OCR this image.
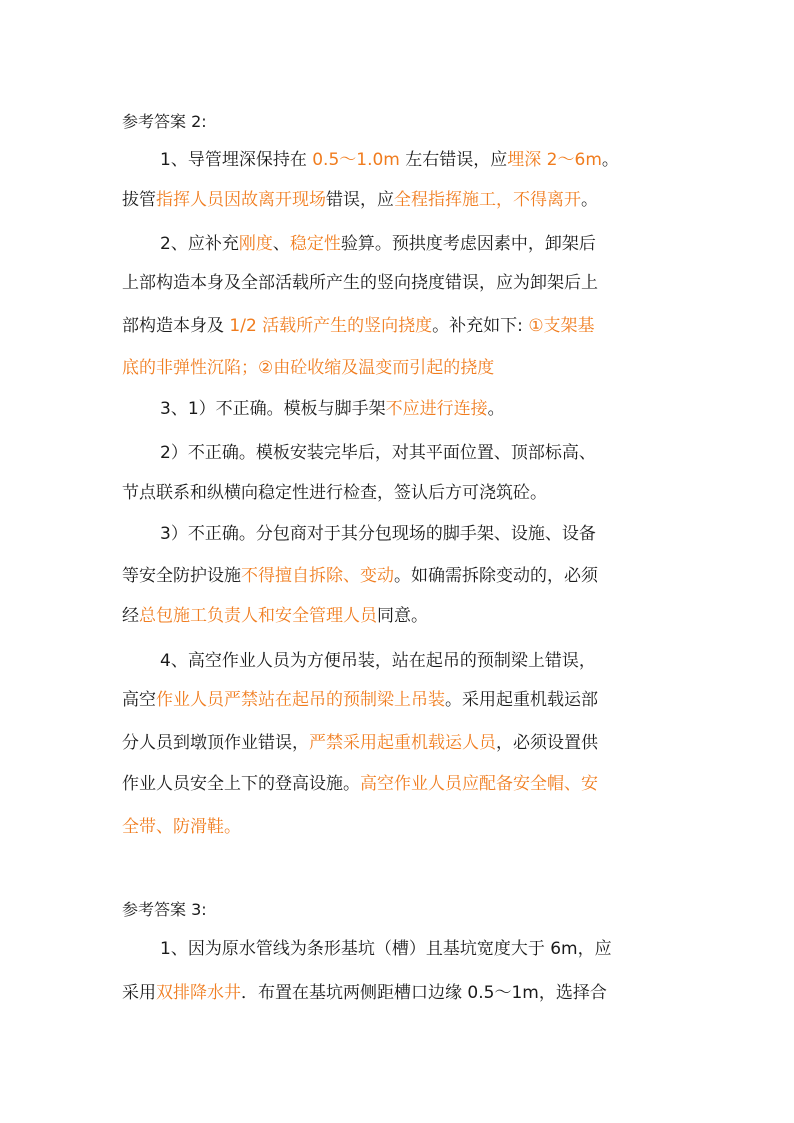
参考答案 2:
1、导管埋深保持在 0.5～1.0m 左右错误，应埋深 2～6m。
拔管指挥人员因故离开现场错误，应全程指挥施工，不得离开。
2、应补充刚度、稳定性验算。预拱度考虑因素中，卸架后
上部构造本身及全部活载所产生的竖向挠度错误，应为卸架后上
部构造本身及 1/2 活载所产生的竖向挠度。补充如下: ①支架基
底的非弹性沉陷；②由砼收缩及温变而引起的挠度
3、1）不正确。模板与脚手架不应进行连接。
2）不正确。模板安装完毕后，对其平面位置、顶部标高、
节点联系和纵横向稳定性进行检查，签认后方可浇筑砼。
3）不正确。分包商对于其分包现场的脚手架、设施、设备
等安全防护设施不得擅自拆除、变动。如确需拆除变动的，必须
经总包施工负责人和安全管理人员同意。
4、高空作业人员为方便吊装，站在起吊的预制梁上错误，
高空作业人员严禁站在起吊的预制梁上吊装。采用起重机载运部
分人员到墩顶作业错误，严禁采用起重机载运人员，必须设置供
作业人员安全上下的登高设施。高空作业人员应配备安全帽、安
全带、防滑鞋。
参考答案 3:
1、因为原水管线为条形基坑（槽）且基坑宽度大于 6m，应
采用双排降水井．布置在基坑两侧距槽口边缘 0.5～1m，选择合
